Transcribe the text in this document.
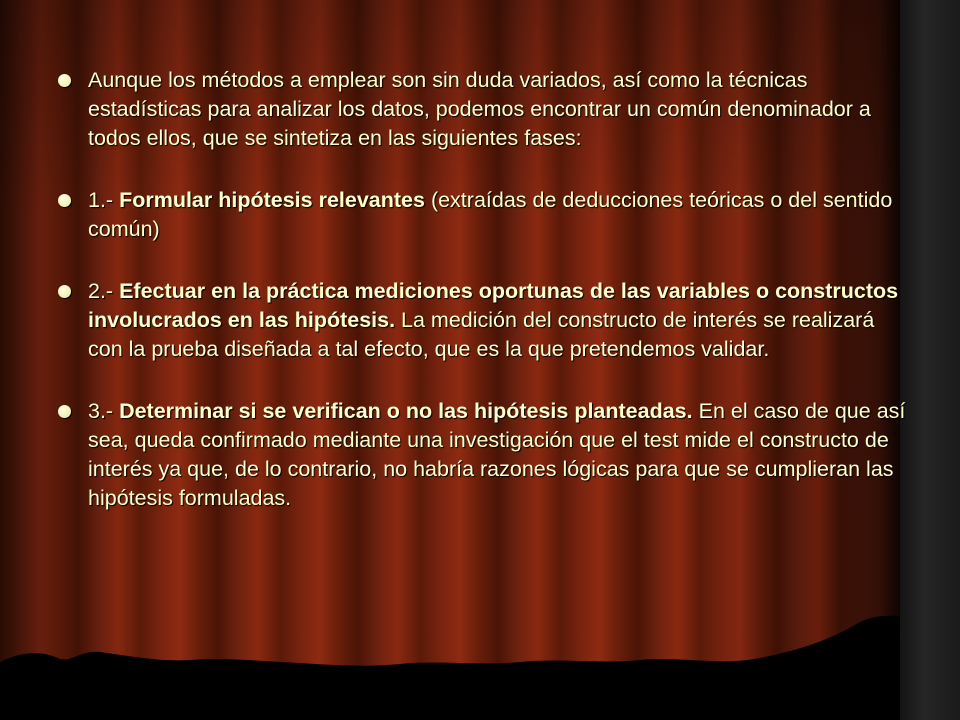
Aunque los métodos a emplear son sin duda variados, así como la técnicas estadísticas para analizar los datos, podemos encontrar un común denominador a todos ellos, que se sintetiza en las siguientes fases:
1.- Formular hipótesis relevantes (extraídas de deducciones teóricas o del sentido común)
2.- Efectuar en la práctica mediciones oportunas de las variables o constructos involucrados en las hipótesis. La medición del constructo de interés se realizará con la prueba diseñada a tal efecto, que es la que pretendemos validar.
3.- Determinar si se verifican o no las hipótesis planteadas. En el caso de que así sea, queda confirmado mediante una investigación que el test mide el constructo de interés ya que, de lo contrario, no habría razones lógicas para que se cumplieran las hipótesis formuladas.
